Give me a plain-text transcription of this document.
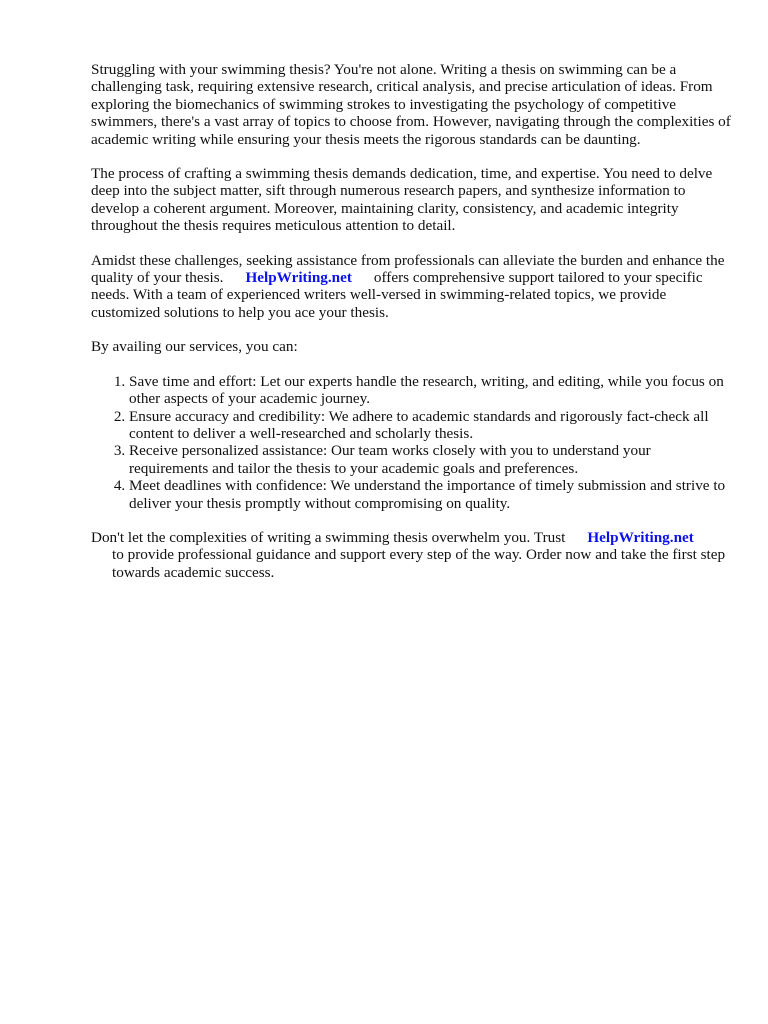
Struggling with your swimming thesis? You're not alone. Writing a thesis on swimming can be a challenging task, requiring extensive research, critical analysis, and precise articulation of ideas. From exploring the biomechanics of swimming strokes to investigating the psychology of competitive swimmers, there's a vast array of topics to choose from. However, navigating through the complexities of academic writing while ensuring your thesis meets the rigorous standards can be daunting.

The process of crafting a swimming thesis demands dedication, time, and expertise. You need to delve deep into the subject matter, sift through numerous research papers, and synthesize information to develop a coherent argument. Moreover, maintaining clarity, consistency, and academic integrity throughout the thesis requires meticulous attention to detail.

Amidst these challenges, seeking assistance from professionals can alleviate the burden and enhance the quality of your thesis. HelpWriting.net offers comprehensive support tailored to your specific needs. With a team of experienced writers well-versed in swimming-related topics, we provide customized solutions to help you ace your thesis.

By availing our services, you can:

1. Save time and effort: Let our experts handle the research, writing, and editing, while you focus on other aspects of your academic journey.
2. Ensure accuracy and credibility: We adhere to academic standards and rigorously fact-check all content to deliver a well-researched and scholarly thesis.
3. Receive personalized assistance: Our team works closely with you to understand your requirements and tailor the thesis to your academic goals and preferences.
4. Meet deadlines with confidence: We understand the importance of timely submission and strive to deliver your thesis promptly without compromising on quality.

Don't let the complexities of writing a swimming thesis overwhelm you. Trust HelpWriting.net
to provide professional guidance and support every step of the way. Order now and take the first step towards academic success.
